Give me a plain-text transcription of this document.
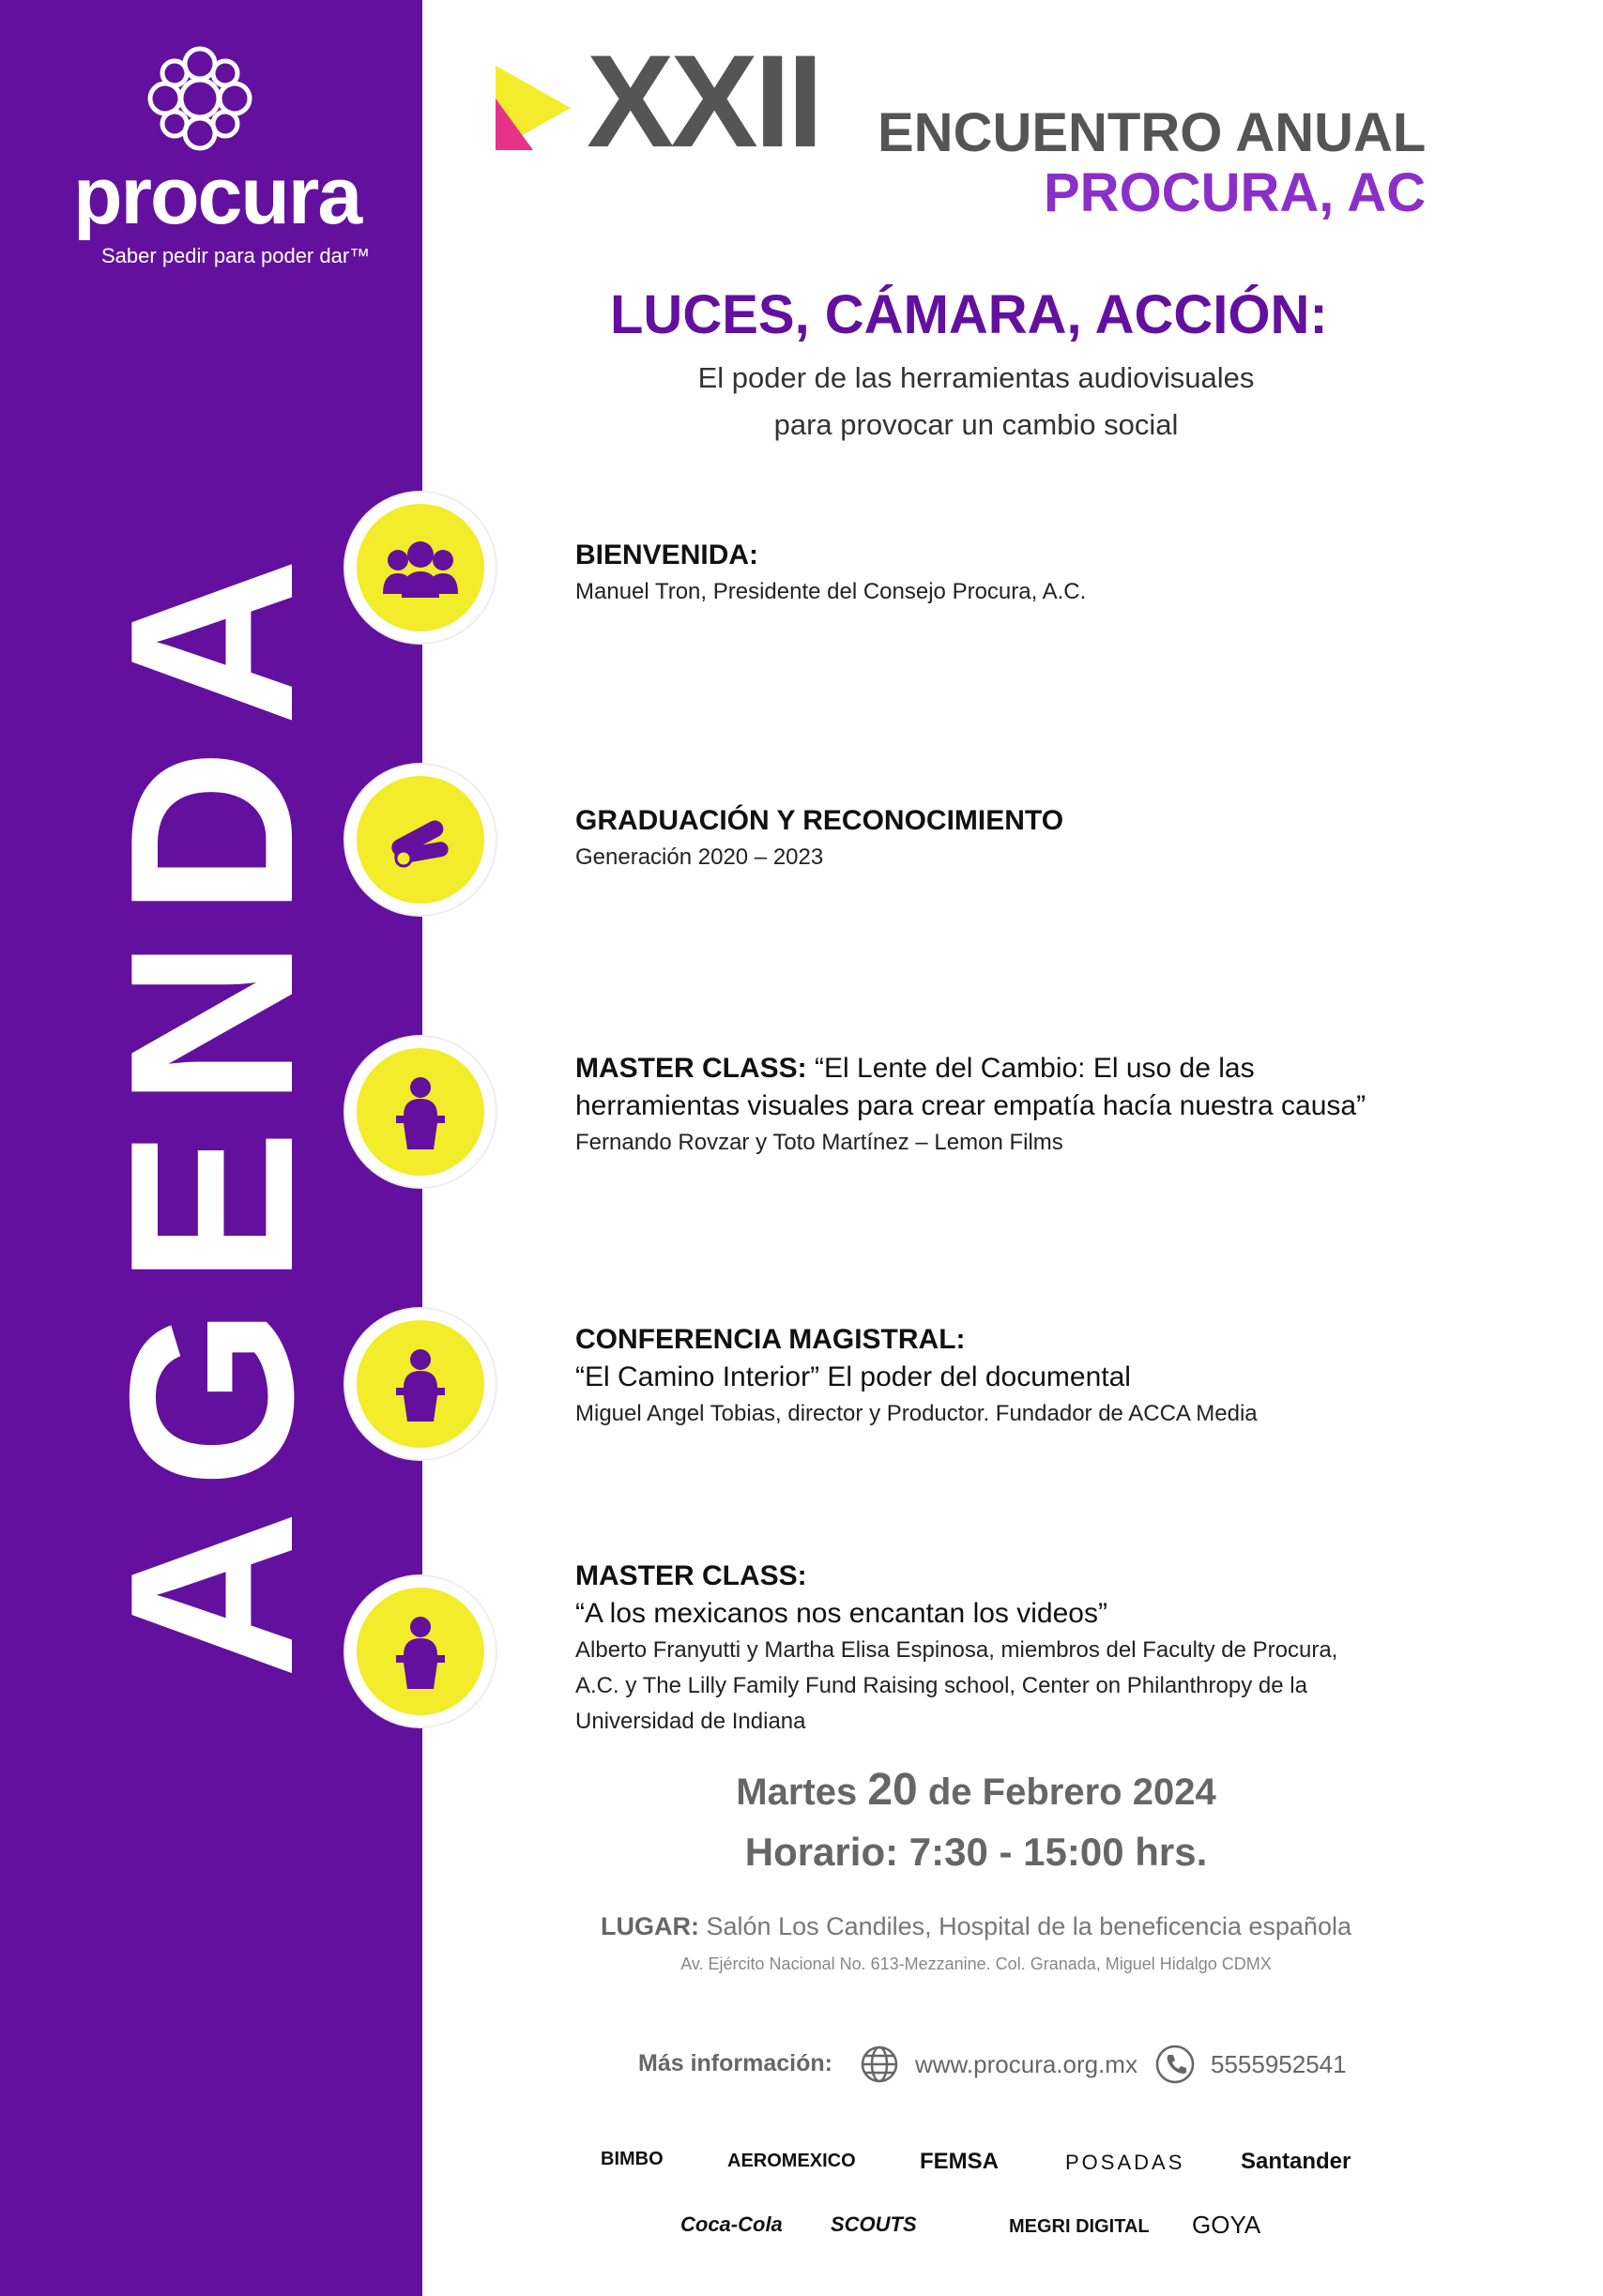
procura
Saber pedir para poder dar™
AGENDA
XXII ENCUENTRO ANUAL
PROCURA, AC
LUCES, CÁMARA, ACCIÓN:
El poder de las herramientas audiovisuales
para provocar un cambio social
BIENVENIDA:
Manuel Tron, Presidente del Consejo Procura, A.C.
GRADUACIÓN Y RECONOCIMIENTO
Generación 2020 – 2023
MASTER CLASS: “El Lente del Cambio: El uso de las
herramientas visuales para crear empatía hacía nuestra causa”
Fernando Rovzar y Toto Martínez – Lemon Films
CONFERENCIA MAGISTRAL:
“El Camino Interior” El poder del documental
Miguel Angel Tobias, director y Productor. Fundador de ACCA Media
MASTER CLASS:
“A los mexicanos nos encantan los videos”
Alberto Franyutti y Martha Elisa Espinosa, miembros del Faculty de Procura,
A.C. y The Lilly Family Fund Raising school, Center on Philanthropy de la
Universidad de Indiana
Martes 20 de Febrero 2024
Horario: 7:30 - 15:00 hrs.
LUGAR: Salón Los Candiles, Hospital de la beneficencia española
Av. Ejército Nacional No. 613-Mezzanine. Col. Granada, Miguel Hidalgo CDMX
Más información:	www.procura.org.mx	5555952541
BIMBO	AEROMEXICO	FEMSA	POSADAS Santander
Coca-Cola SCOUTS	MEGRI DIGITAL GOYA
